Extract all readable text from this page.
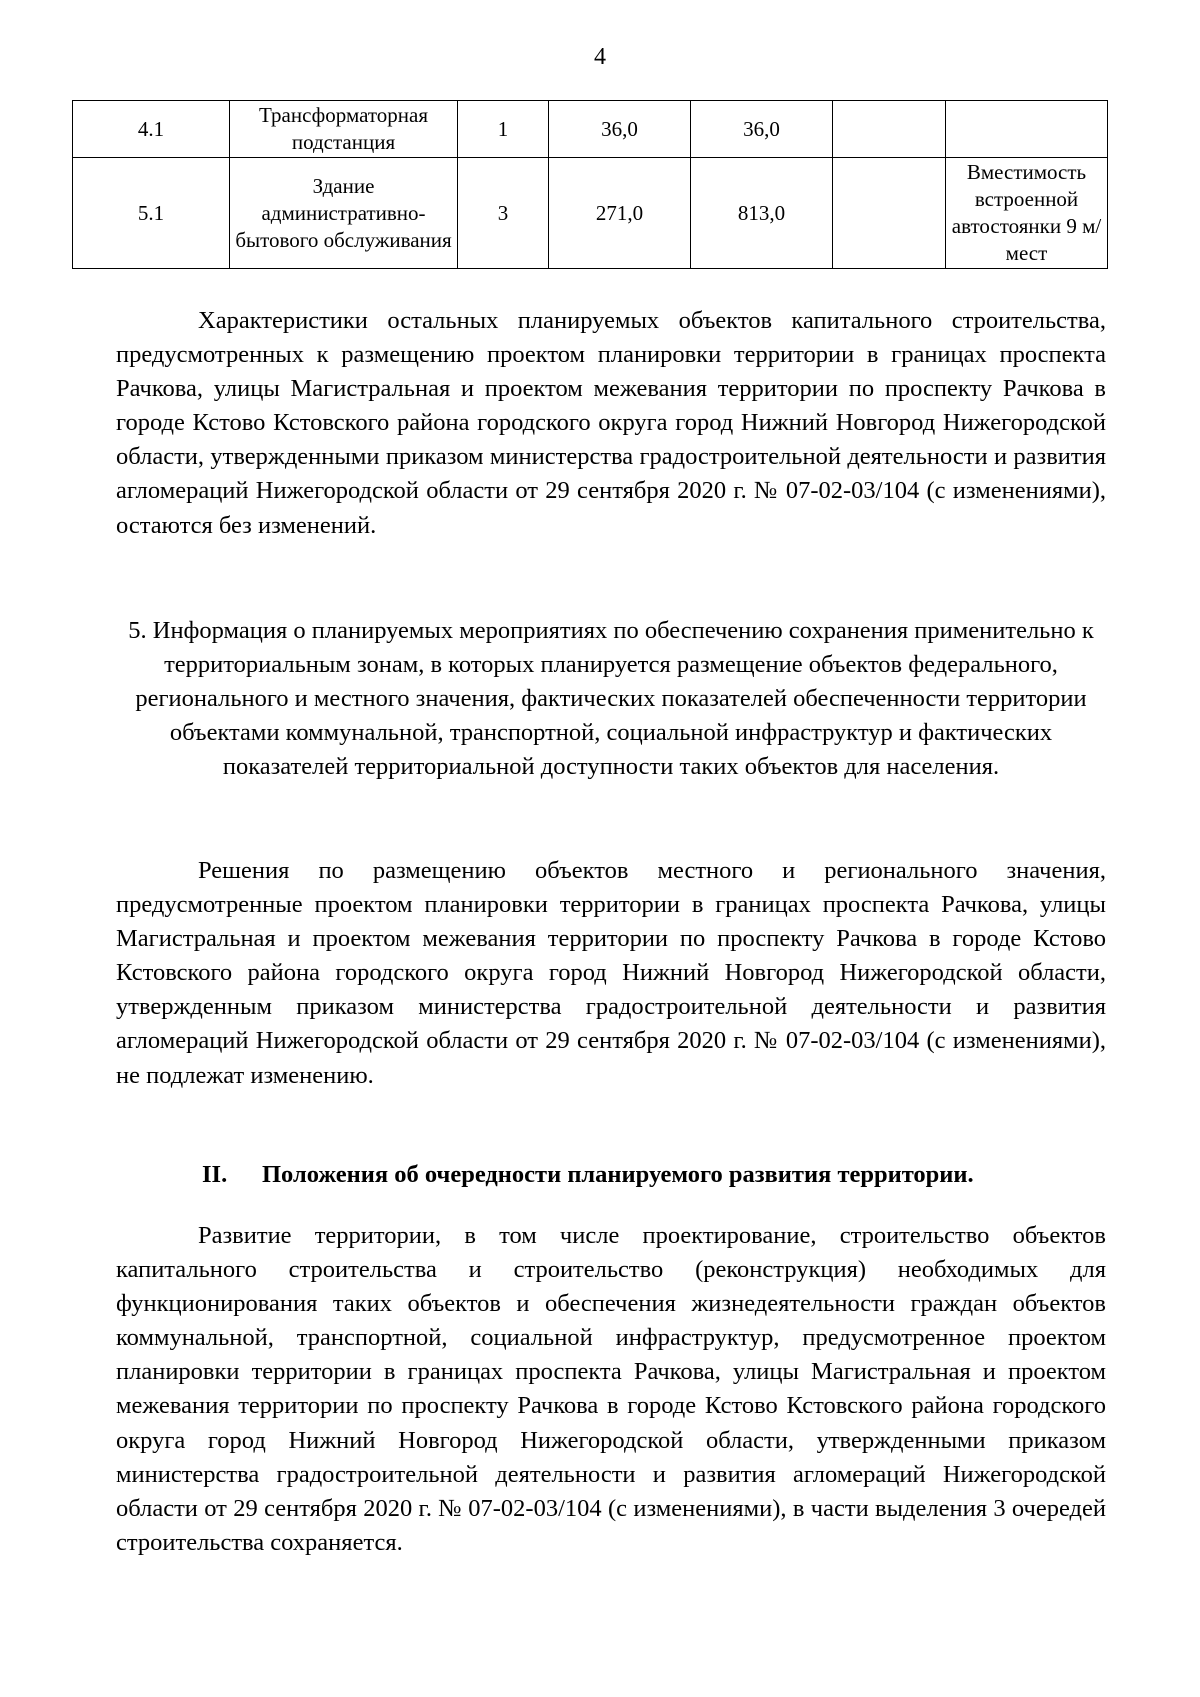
4
4.1	Трансформаторная подстанция	1	36,0	36,0		
5.1	Здание административно-бытового обслуживания	3	271,0	813,0		Вместимость встроенной автостоянки 9 м/мест

Характеристики остальных планируемых объектов капитального строительства, предусмотренных к размещению проектом планировки территории в границах проспекта Рачкова, улицы Магистральная и проектом межевания территории по проспекту Рачкова в городе Кстово Кстовского района городского округа город Нижний Новгород Нижегородской области, утвержденными приказом министерства градостроительной деятельности и развития агломераций Нижегородской области от 29 сентября 2020 г. № 07-02-03/104 (с изменениями), остаются без изменений.

5. Информация о планируемых мероприятиях по обеспечению сохранения применительно к территориальным зонам, в которых планируется размещение объектов федерального, регионального и местного значения, фактических показателей обеспеченности территории объектами коммунальной, транспортной, социальной инфраструктур и фактических показателей территориальной доступности таких объектов для населения.

Решения по размещению объектов местного и регионального значения, предусмотренные проектом планировки территории в границах проспекта Рачкова, улицы Магистральная и проектом межевания территории по проспекту Рачкова в городе Кстово Кстовского района городского округа город Нижний Новгород Нижегородской области, утвержденным приказом министерства градостроительной деятельности и развития агломераций Нижегородской области от 29 сентября 2020 г. № 07-02-03/104 (с изменениями), не подлежат изменению.

II. Положения об очередности планируемого развития территории.

Развитие территории, в том числе проектирование, строительство объектов капитального строительства и строительство (реконструкция) необходимых для функционирования таких объектов и обеспечения жизнедеятельности граждан объектов коммунальной, транспортной, социальной инфраструктур, предусмотренное проектом планировки территории в границах проспекта Рачкова, улицы Магистральная и проектом межевания территории по проспекту Рачкова в городе Кстово Кстовского района городского округа город Нижний Новгород Нижегородской области, утвержденными приказом министерства градостроительной деятельности и развития агломераций Нижегородской области от 29 сентября 2020 г. № 07-02-03/104 (с изменениями), в части выделения 3 очередей строительства сохраняется.
